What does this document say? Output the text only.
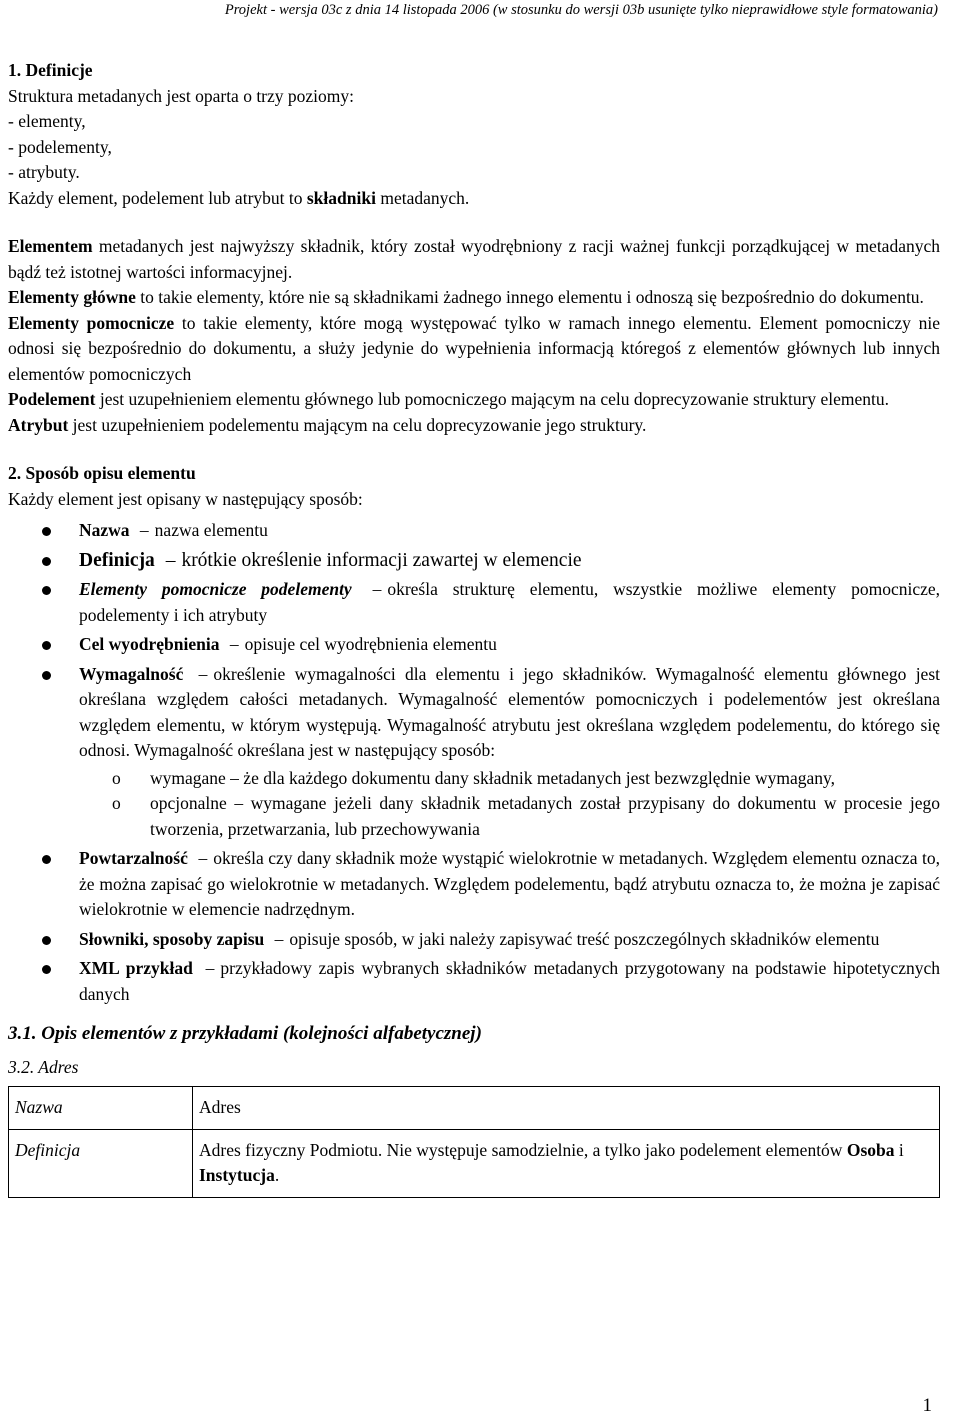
Projekt - wersja 03c z dnia 14 listopada 2006 (w stosunku do wersji 03b usunięte tylko nieprawidłowe style formatowania)

1. Definicje

Struktura metadanych jest oparta o trzy poziomy:

- elementy,

- podelementy,

- atrybuty.

Każdy element, podelement lub atrybut to składniki metadanych.

Elementem metadanych jest najwyższy składnik, który został wyodrębniony z racji ważnej funkcji porządkującej w metadanych bądź też istotnej wartości informacyjnej.

Elementy główne to takie elementy, które nie są składnikami żadnego innego elementu i odnoszą się bezpośrednio do dokumentu.

Elementy pomocnicze to takie elementy, które mogą występować tylko w ramach innego elementu. Element pomocniczy nie odnosi się bezpośrednio do dokumentu, a służy jedynie do wypełnienia informacją któregoś z elementów głównych lub innych elementów pomocniczych

Podelement jest uzupełnieniem elementu głównego lub pomocniczego mającym na celu doprecyzowanie struktury elementu.

Atrybut jest uzupełnieniem podelementu mającym na celu doprecyzowanie jego struktury.

2. Sposób opisu elementu

Każdy element jest opisany w następujący sposób:

Nazwa – nazwa elementu
Definicja – krótkie określenie informacji zawartej w elemencie
Elementy pomocnicze podelementy – określa strukturę elementu, wszystkie możliwe elementy pomocnicze, podelementy i ich atrybuty
Cel wyodrębnienia – opisuje cel wyodrębnienia elementu
Wymagalność – określenie wymagalności dla elementu i jego składników. Wymagalność elementu głównego jest określana względem całości metadanych. Wymagalność elementów pomocniczych i podelementów jest określana względem elementu, w którym występują. Wymagalność atrybutu jest określana względem podelementu, do którego się odnosi. Wymagalność określana jest w następujący sposób:
o wymagane – że dla każdego dokumentu dany składnik metadanych jest bezwzględnie wymagany,
o opcjonalne – wymagane jeżeli dany składnik metadanych został przypisany do dokumentu w procesie jego tworzenia, przetwarzania, lub przechowywania
Powtarzalność – określa czy dany składnik może wystąpić wielokrotnie w metadanych. Względem elementu oznacza to, że można zapisać go wielokrotnie w metadanych. Względem podelementu, bądź atrybutu oznacza to, że można je zapisać wielokrotnie w elemencie nadrzędnym.
Słowniki, sposoby zapisu – opisuje sposób, w jaki należy zapisywać treść poszczególnych składników elementu
XML przykład – przykładowy zapis wybranych składników metadanych przygotowany na podstawie hipotetycznych danych

3.1. Opis elementów z przykładami (kolejności alfabetycznej)

3.2. Adres

Nazwa	Adres
Definicja	Adres fizyczny Podmiotu. Nie występuje samodzielnie, a tylko jako podelement elementów Osoba i Instytucja.
1
